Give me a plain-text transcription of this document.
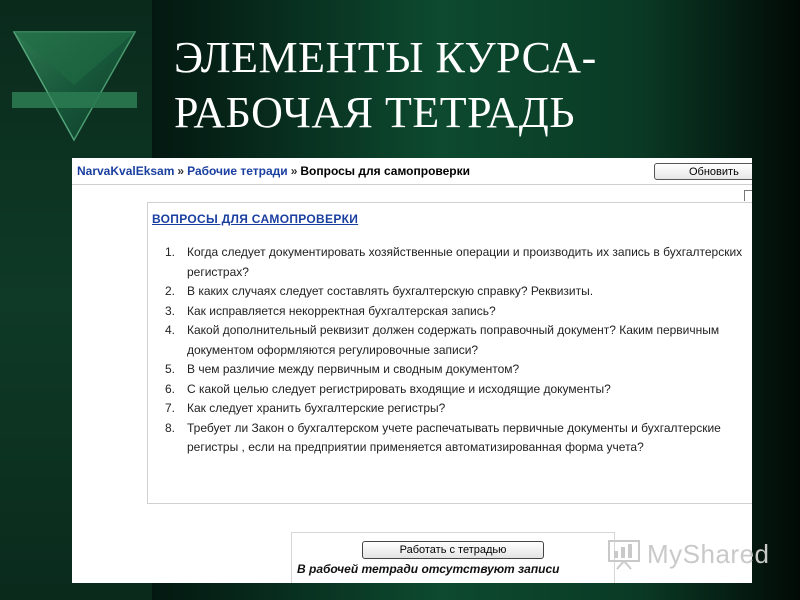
ЭЛЕМЕНТЫ КУРСА-
РАБОЧАЯ ТЕТРАДЬ
NarvaKvalEksam » Рабочие тетради » Вопросы для самопроверки	Обновить
ВОПРОСЫ ДЛЯ САМОПРОВЕРКИ
1. Когда следует документировать хозяйственные операции и производить их запись в бухгалтерских регистрах?
2. В каких случаях следует составлять бухгалтерскую справку? Реквизиты.
3. Как исправляется некорректная бухгалтерская запись?
4. Какой дополнительный реквизит должен содержать поправочный документ? Каким первичным документом оформляются регулировочные записи?
5. В чем различие между первичным и сводным документом?
6. С какой целью следует регистрировать входящие и исходящие документы?
7. Как следует хранить бухгалтерские регистры?
8. Требует ли Закон о бухгалтерском учете распечатывать первичные документы и бухгалтерские регистры , если на предприятии применяется автоматизированная форма учета?
Работать с тетрадью
В рабочей тетради отсутствуют записи	MyShared
